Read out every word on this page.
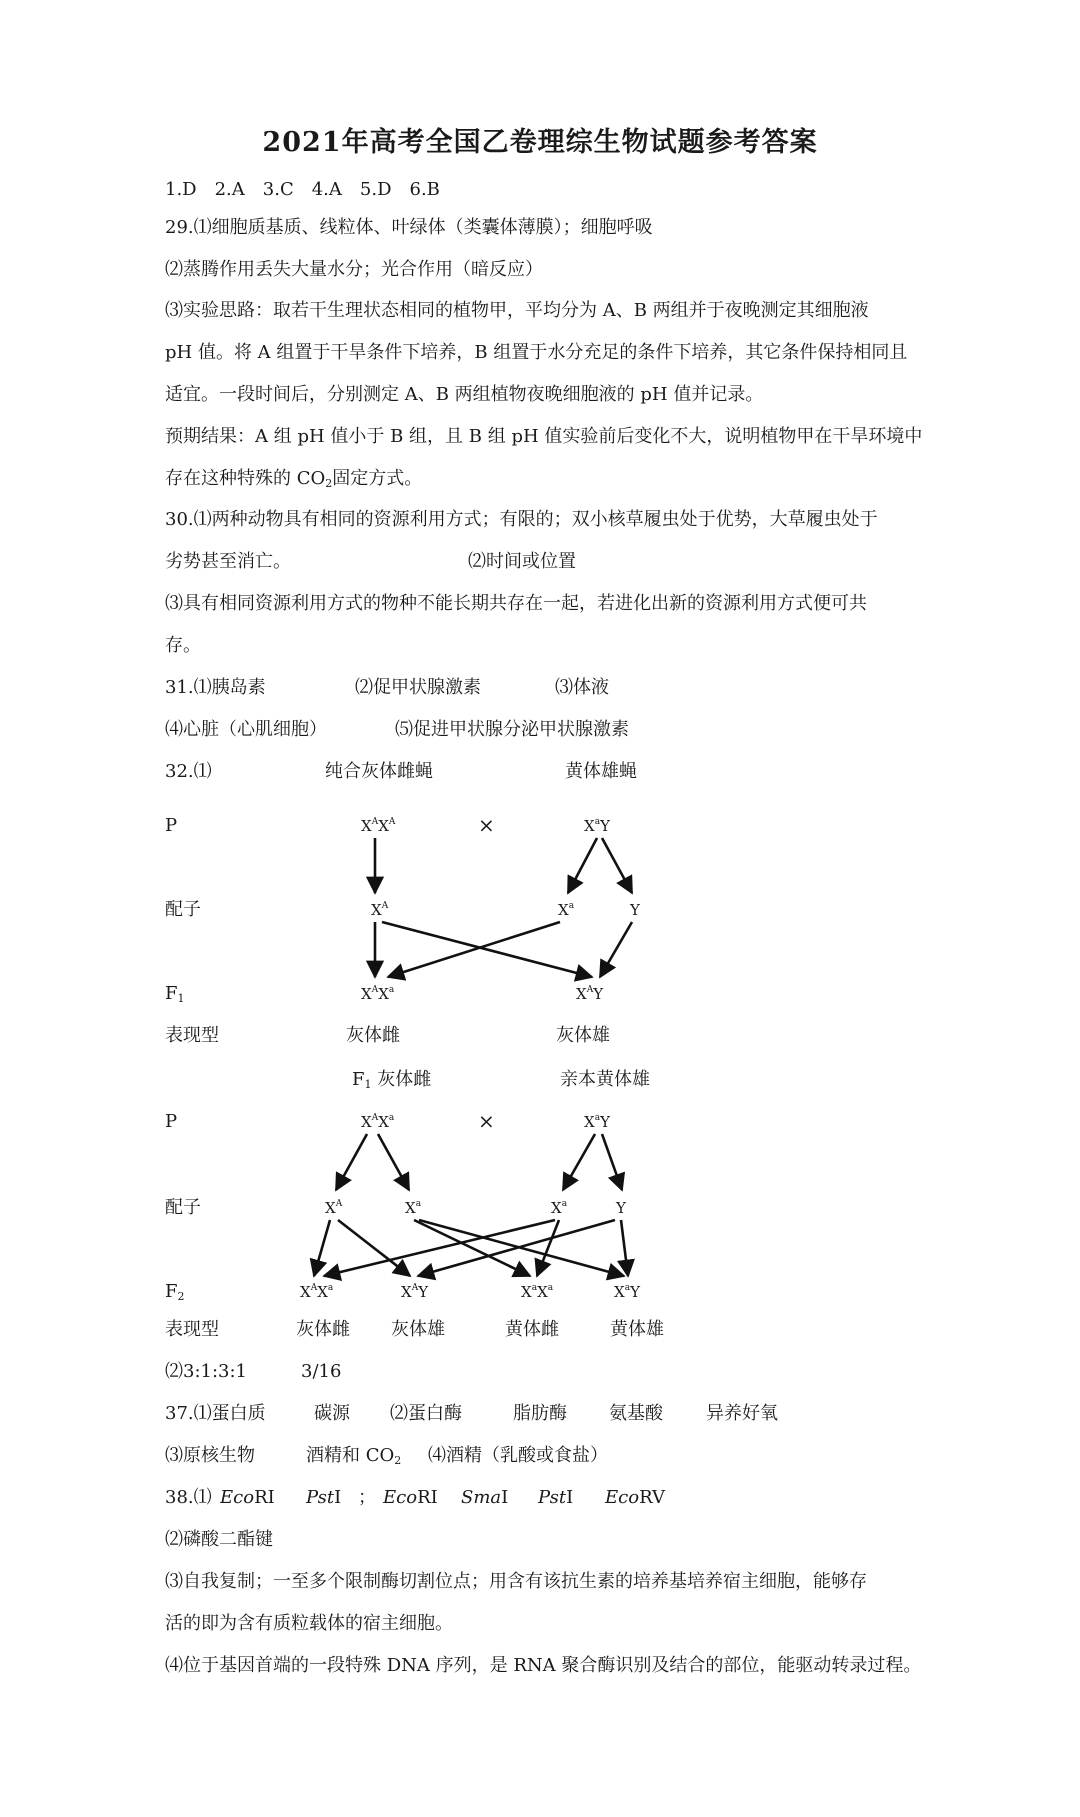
2021年高考全国乙卷理综生物试题参考答案
1.D　2.A　3.C　4.A　5.D　6.B
29.⑴细胞质基质、线粒体、叶绿体（类囊体薄膜）；细胞呼吸
⑵蒸腾作用丢失大量水分；光合作用（暗反应）
⑶实验思路：取若干生理状态相同的植物甲，平均分为 A、B 两组并于夜晚测定其细胞液
pH 值。将 A 组置于干旱条件下培养，B 组置于水分充足的条件下培养，其它条件保持相同且
适宜。一段时间后，分别测定 A、B 两组植物夜晚细胞液的 pH 值并记录。
预期结果：A 组 pH 值小于 B 组，且 B 组 pH 值实验前后变化不大，说明植物甲在干旱环境中
存在这种特殊的 $CO_2$固定方式。
30.⑴两种动物具有相同的资源利用方式；有限的；双小核草履虫处于优势，大草履虫处于
劣势甚至消亡。	⑵时间或位置
⑶具有相同资源利用方式的物种不能长期共存在一起，若进化出新的资源利用方式便可共
存。
31.⑴胰岛素	⑵促甲状腺激素	⑶体液
⑷心脏（心肌细胞）	⑸促进甲状腺分泌甲状腺激素
32.⑴	纯合灰体雌蝇	黄体雄蝇
P	$X^AX^A$	×	$X^aY$
配子	$X^A$	$X^a$	Y
$F_1$	$X^AX^a$	$X^AY$
表现型	灰体雌	灰体雄
$F_1$ 灰体雌	亲本黄体雄
P	$X^AX^a$	×	$X^aY$
配子	$X^A$	$X^a$	$X^a$	Y
$F_2$	$X^AX^a$	$X^AY$	$X^aX^a$	$X^aY$
表现型	灰体雌 灰体雄	黄体雌	黄体雄
⑵3:1:3:1　　　3/16
37.⑴蛋白质	碳源 ⑵蛋白酶	脂肪酶 氨基酸 异养好氧
⑶原核生物	酒精和 $CO_2$ ⑷酒精（乳酸或食盐）
38.⑴ EcoRⅠ PstⅠ ； EcoRⅠ SmaⅠ PstⅠ EcoRV
⑵磷酸二酯键
⑶自我复制；一至多个限制酶切割位点；用含有该抗生素的培养基培养宿主细胞，能够存
活的即为含有质粒载体的宿主细胞。
⑷位于基因首端的一段特殊 DNA 序列，是 RNA 聚合酶识别及结合的部位，能驱动转录过程。
